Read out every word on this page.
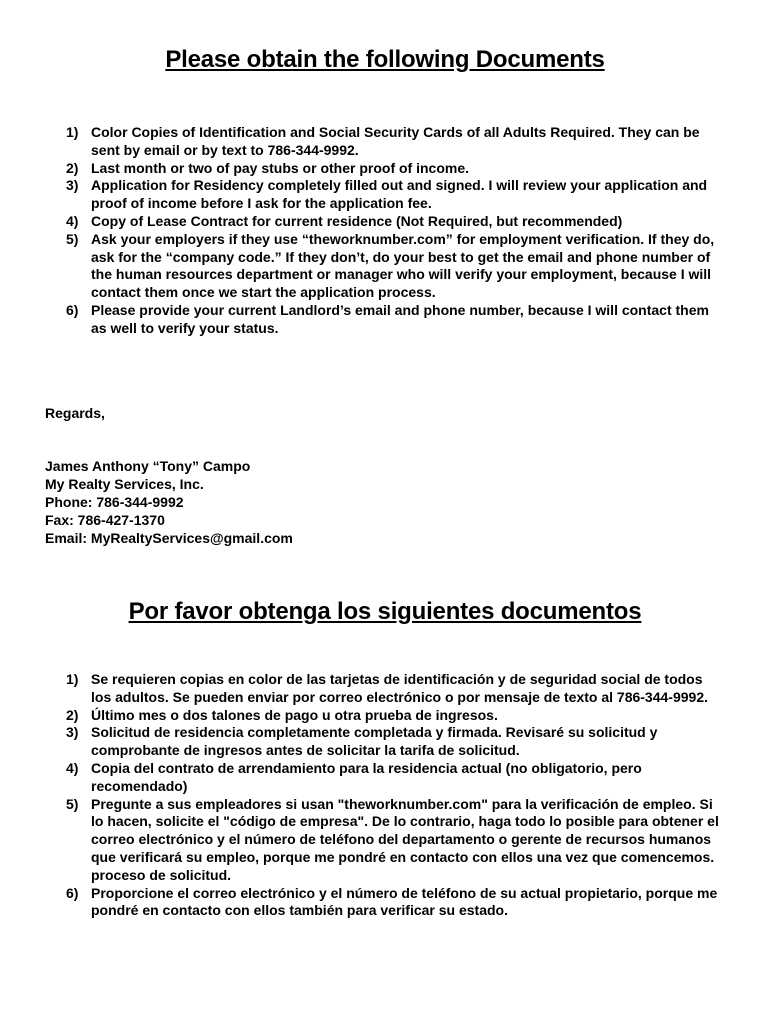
Please obtain the following Documents
1) Color Copies of Identification and Social Security Cards of all Adults Required. They can be sent by email or by text to 786-344-9992.
2) Last month or two of pay stubs or other proof of income.
3) Application for Residency completely filled out and signed. I will review your application and proof of income before I ask for the application fee.
4) Copy of Lease Contract for current residence (Not Required, but recommended)
5) Ask your employers if they use “theworknumber.com” for employment verification. If they do, ask for the “company code.” If they don’t, do your best to get the email and phone number of the human resources department or manager who will verify your employment, because I will contact them once we start the application process.
6) Please provide your current Landlord’s email and phone number, because I will contact them as well to verify your status.
Regards,
James Anthony “Tony” Campo
My Realty Services, Inc.
Phone: 786-344-9992
Fax: 786-427-1370
Email: MyRealtyServices@gmail.com
Por favor obtenga los siguientes documentos
1) Se requieren copias en color de las tarjetas de identificación y de seguridad social de todos los adultos. Se pueden enviar por correo electrónico o por mensaje de texto al 786-344-9992.
2) Último mes o dos talones de pago u otra prueba de ingresos.
3) Solicitud de residencia completamente completada y firmada. Revisaré su solicitud y comprobante de ingresos antes de solicitar la tarifa de solicitud.
4) Copia del contrato de arrendamiento para la residencia actual (no obligatorio, pero recomendado)
5) Pregunte a sus empleadores si usan "theworknumber.com" para la verificación de empleo. Si lo hacen, solicite el "código de empresa". De lo contrario, haga todo lo posible para obtener el correo electrónico y el número de teléfono del departamento o gerente de recursos humanos que verificará su empleo, porque me pondré en contacto con ellos una vez que comencemos. proceso de solicitud.
6) Proporcione el correo electrónico y el número de teléfono de su actual propietario, porque me pondré en contacto con ellos también para verificar su estado.
